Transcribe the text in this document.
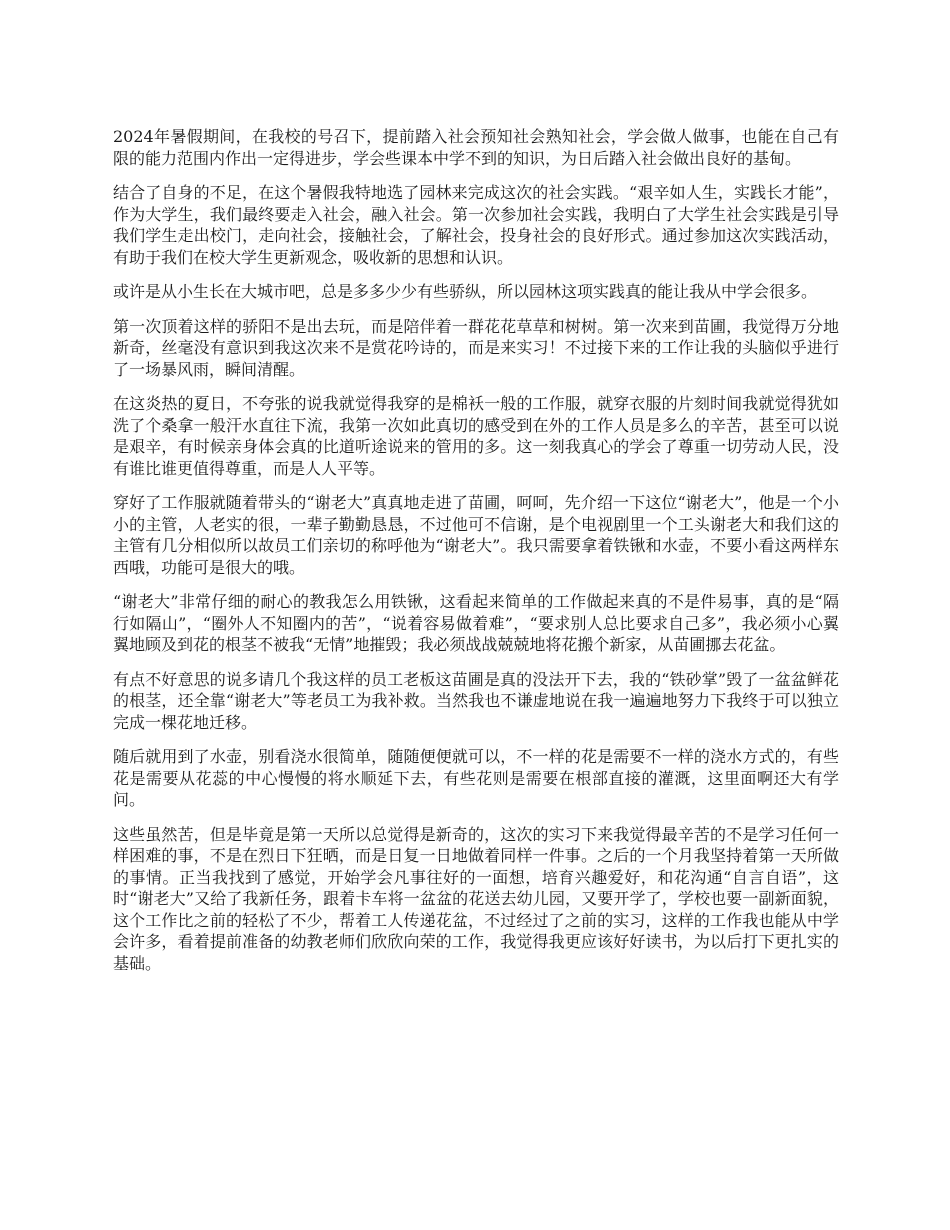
2024年暑假期间，在我校的号召下，提前踏入社会预知社会熟知社会，学会做人做事，也能在自己有限的能力范围内作出一定得进步，学会些课本中学不到的知识，为日后踏入社会做出良好的基甸。

结合了自身的不足，在这个暑假我特地选了园林来完成这次的社会实践。“艰辛如人生，实践长才能”，作为大学生，我们最终要走入社会，融入社会。第一次参加社会实践，我明白了大学生社会实践是引导我们学生走出校门，走向社会，接触社会，了解社会，投身社会的良好形式。通过参加这次实践活动，有助于我们在校大学生更新观念，吸收新的思想和认识。

或许是从小生长在大城市吧，总是多多少少有些骄纵，所以园林这项实践真的能让我从中学会很多。

第一次顶着这样的骄阳不是出去玩，而是陪伴着一群花花草草和树树。第一次来到苗圃，我觉得万分地新奇，丝毫没有意识到我这次来不是赏花吟诗的，而是来实习！不过接下来的工作让我的头脑似乎进行了一场暴风雨，瞬间清醒。

在这炎热的夏日，不夸张的说我就觉得我穿的是棉袄一般的工作服，就穿衣服的片刻时间我就觉得犹如洗了个桑拿一般汗水直往下流，我第一次如此真切的感受到在外的工作人员是多么的辛苦，甚至可以说是艰辛，有时候亲身体会真的比道听途说来的管用的多。这一刻我真心的学会了尊重一切劳动人民，没有谁比谁更值得尊重，而是人人平等。

穿好了工作服就随着带头的“谢老大”真真地走进了苗圃，呵呵，先介绍一下这位“谢老大”，他是一个小小的主管，人老实的很，一辈子勤勤恳恳，不过他可不信谢，是个电视剧里一个工头谢老大和我们这的主管有几分相似所以故员工们亲切的称呼他为“谢老大”。我只需要拿着铁锹和水壶，不要小看这两样东西哦，功能可是很大的哦。

“谢老大”非常仔细的耐心的教我怎么用铁锹，这看起来简单的工作做起来真的不是件易事，真的是“隔行如隔山”，“圈外人不知圈内的苦”，“说着容易做着难”，“要求别人总比要求自己多”，我必须小心翼翼地顾及到花的根茎不被我“无情”地摧毁；我必须战战兢兢地将花搬个新家，从苗圃挪去花盆。

有点不好意思的说多请几个我这样的员工老板这苗圃是真的没法开下去，我的“铁砂掌”毁了一盆盆鲜花的根茎，还全靠“谢老大”等老员工为我补救。当然我也不谦虚地说在我一遍遍地努力下我终于可以独立完成一棵花地迁移。

随后就用到了水壶，别看浇水很简单，随随便便就可以，不一样的花是需要不一样的浇水方式的，有些花是需要从花蕊的中心慢慢的将水顺延下去，有些花则是需要在根部直接的灌溉，这里面啊还大有学问。

这些虽然苦，但是毕竟是第一天所以总觉得是新奇的，这次的实习下来我觉得最辛苦的不是学习任何一样困难的事，不是在烈日下狂晒，而是日复一日地做着同样一件事。之后的一个月我坚持着第一天所做的事情。正当我找到了感觉，开始学会凡事往好的一面想，培育兴趣爱好，和花沟通“自言自语”，这时“谢老大”又给了我新任务，跟着卡车将一盆盆的花送去幼儿园，又要开学了，学校也要一副新面貌，这个工作比之前的轻松了不少，帮着工人传递花盆，不过经过了之前的实习，这样的工作我也能从中学会许多，看着提前准备的幼教老师们欣欣向荣的工作，我觉得我更应该好好读书，为以后打下更扎实的基础。
